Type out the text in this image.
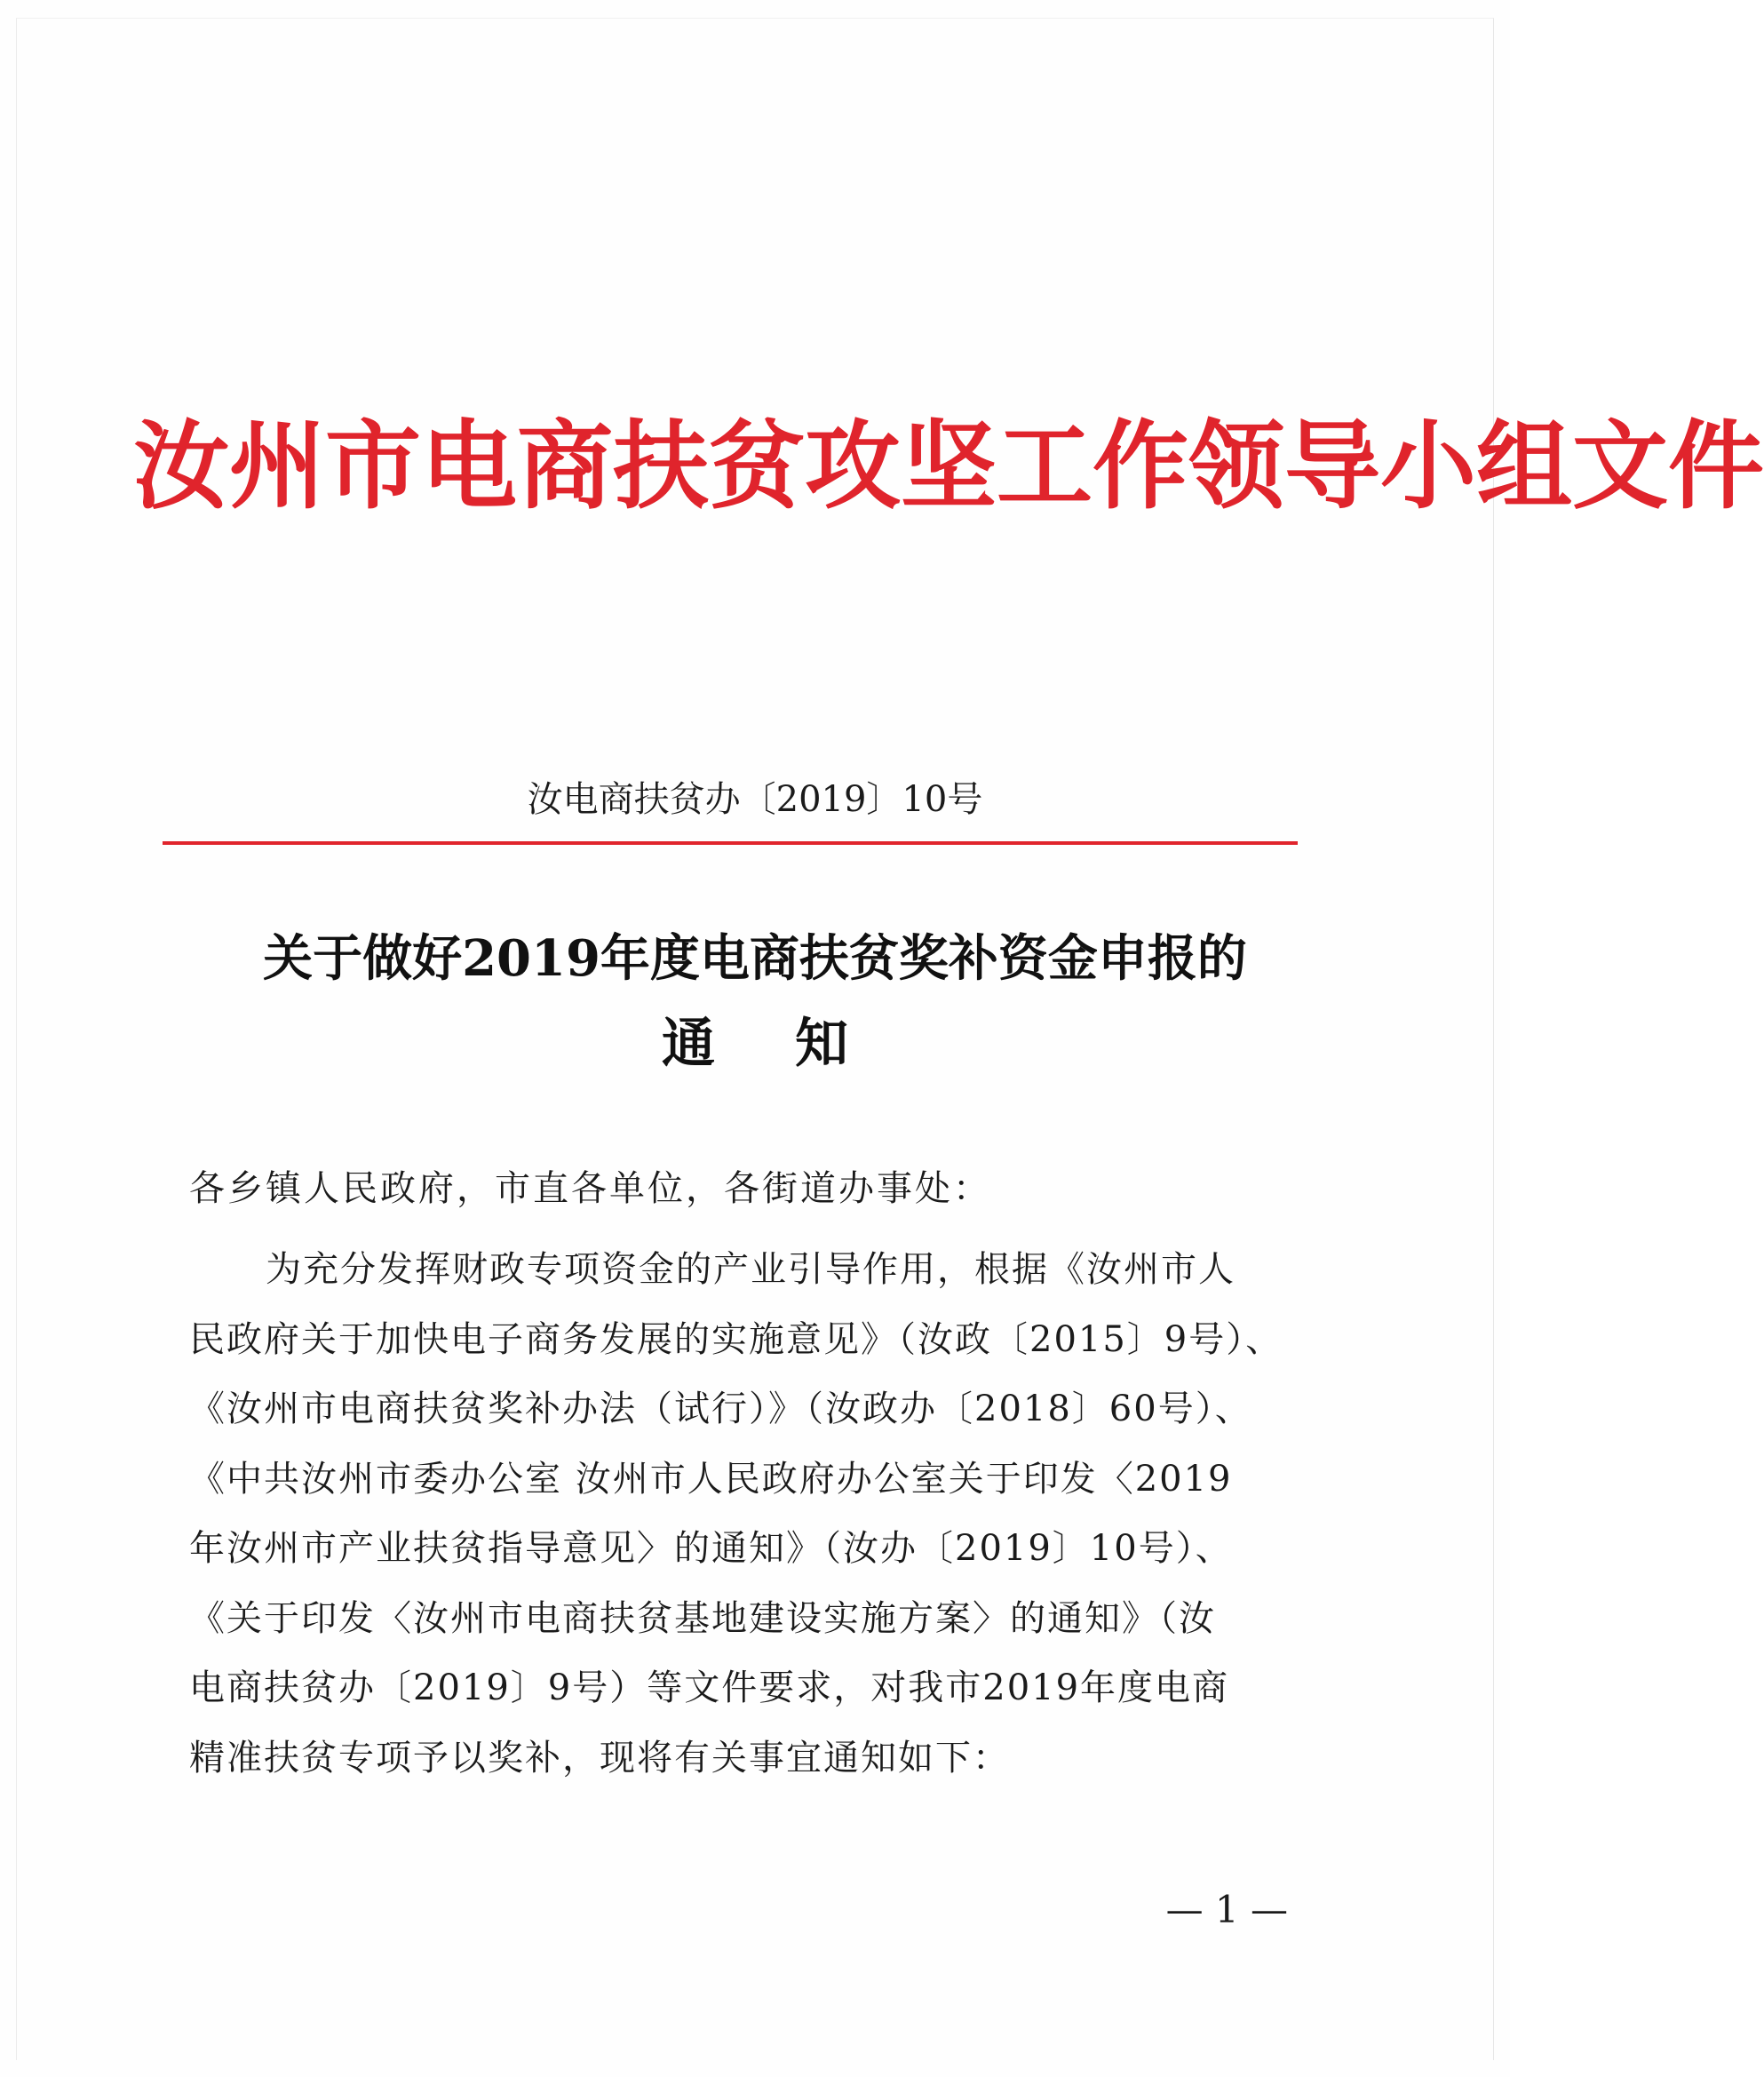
汝州市电商扶贫攻坚工作领导小组文件
汝电商扶贫办〔2019〕10号
关于做好2019年度电商扶贫奖补资金申报的
通知
各乡镇人民政府，市直各单位，各街道办事处：
为充分发挥财政专项资金的产业引导作用，根据《汝州市人
民政府关于加快电子商务发展的实施意见》（汝政〔2015〕9号）、
《汝州市电商扶贫奖补办法（试行）》（汝政办〔2018〕60号）、
《中共汝州市委办公室 汝州市人民政府办公室关于印发〈2019
年汝州市产业扶贫指导意见〉的通知》（汝办〔2019〕10号）、
《关于印发〈汝州市电商扶贫基地建设实施方案〉的通知》（汝
电商扶贫办〔2019〕9号）等文件要求，对我市2019年度电商
精准扶贫专项予以奖补，现将有关事宜通知如下：
— 1 —
